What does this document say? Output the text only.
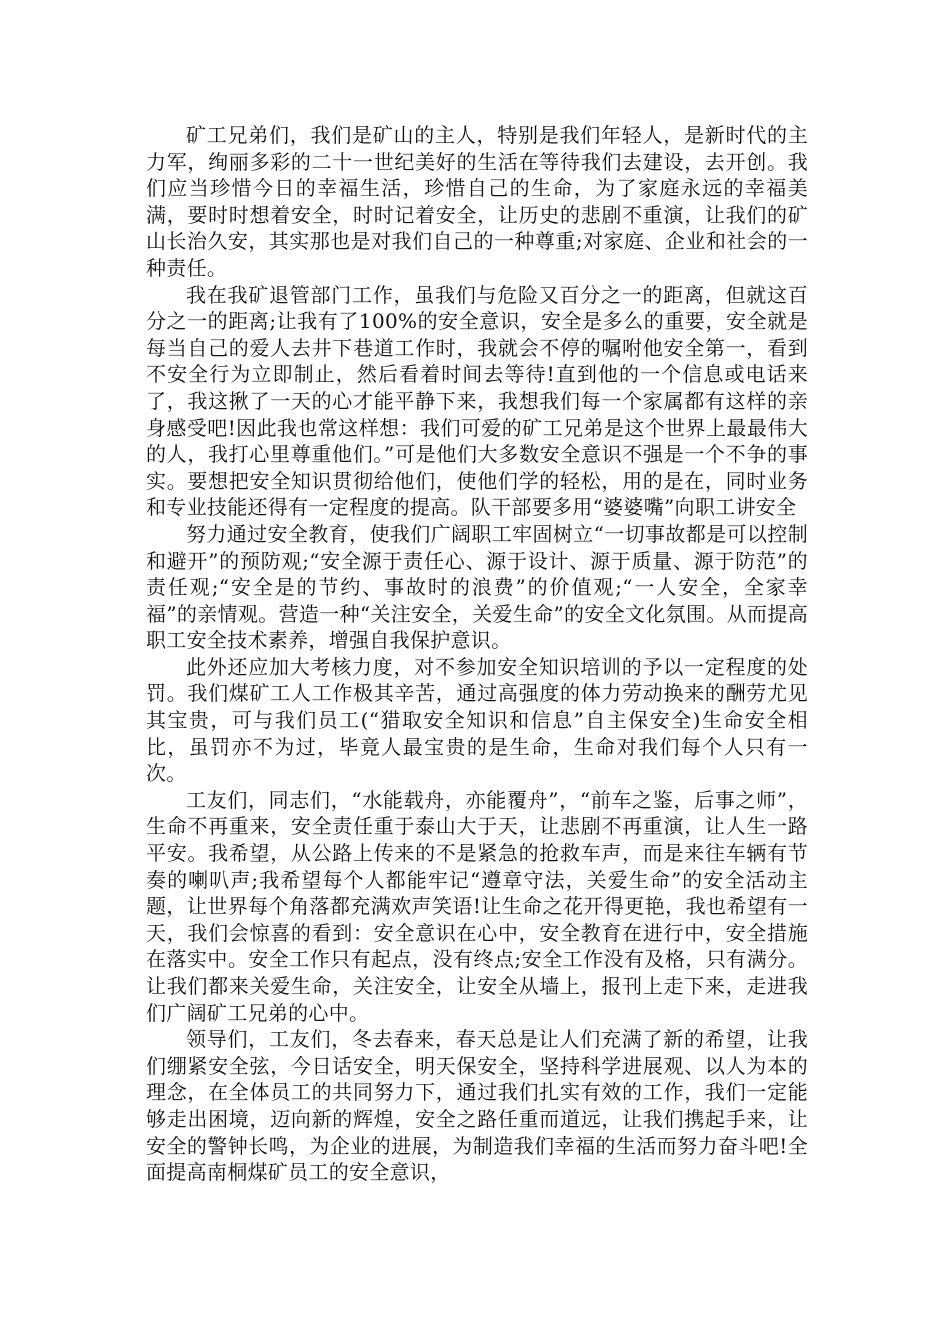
矿工兄弟们，我们是矿山的主人，特别是我们年轻人，是新时代的主力军，绚丽多彩的二十一世纪美好的生活在等待我们去建设，去开创。我们应当珍惜今日的幸福生活，珍惜自己的生命，为了家庭永远的幸福美满，要时时想着安全，时时记着安全，让历史的悲剧不重演，让我们的矿山长治久安，其实那也是对我们自己的一种尊重;对家庭、企业和社会的一种责任。

我在我矿退管部门工作，虽我们与危险又百分之一的距离，但就这百分之一的距离;让我有了100%的安全意识，安全是多么的重要，安全就是每当自己的爱人去井下巷道工作时，我就会不停的嘱咐他安全第一，看到不安全行为立即制止，然后看着时间去等待!直到他的一个信息或电话来了，我这揪了一天的心才能平静下来，我想我们每一个家属都有这样的亲身感受吧!因此我也常这样想：我们可爱的矿工兄弟是这个世界上最最伟大的人，我打心里尊重他们。”可是他们大多数安全意识不强是一个不争的事实。要想把安全知识贯彻给他们，使他们学的轻松，用的是在，同时业务和专业技能还得有一定程度的提高。队干部要多用“婆婆嘴”向职工讲安全

努力通过安全教育，使我们广阔职工牢固树立“一切事故都是可以控制和避开”的预防观;“安全源于责任心、源于设计、源于质量、源于防范”的责任观;“安全是的节约、事故时的浪费”的价值观;“一人安全，全家幸福”的亲情观。营造一种“关注安全，关爱生命”的安全文化氛围。从而提高职工安全技术素养，增强自我保护意识。

此外还应加大考核力度，对不参加安全知识培训的予以一定程度的处罚。我们煤矿工人工作极其辛苦，通过高强度的体力劳动换来的酬劳尤见其宝贵，可与我们员工(“猎取安全知识和信息”自主保安全)生命安全相比，虽罚亦不为过，毕竟人最宝贵的是生命，生命对我们每个人只有一次。

工友们，同志们，“水能载舟，亦能覆舟”，“前车之鉴，后事之师”，生命不再重来，安全责任重于泰山大于天，让悲剧不再重演，让人生一路平安。我希望，从公路上传来的不是紧急的抢救车声，而是来往车辆有节奏的喇叭声;我希望每个人都能牢记“遵章守法，关爱生命”的安全活动主题，让世界每个角落都充满欢声笑语!让生命之花开得更艳，我也希望有一天，我们会惊喜的看到：安全意识在心中，安全教育在进行中，安全措施在落实中。安全工作只有起点，没有终点;安全工作没有及格，只有满分。让我们都来关爱生命，关注安全，让安全从墙上，报刊上走下来，走进我们广阔矿工兄弟的心中。

领导们，工友们，冬去春来，春天总是让人们充满了新的希望，让我们绷紧安全弦，今日话安全，明天保安全，坚持科学进展观、以人为本的理念，在全体员工的共同努力下，通过我们扎实有效的工作，我们一定能够走出困境，迈向新的辉煌，安全之路任重而道远，让我们携起手来，让安全的警钟长鸣，为企业的进展，为制造我们幸福的生活而努力奋斗吧!全面提高南桐煤矿员工的安全意识，
